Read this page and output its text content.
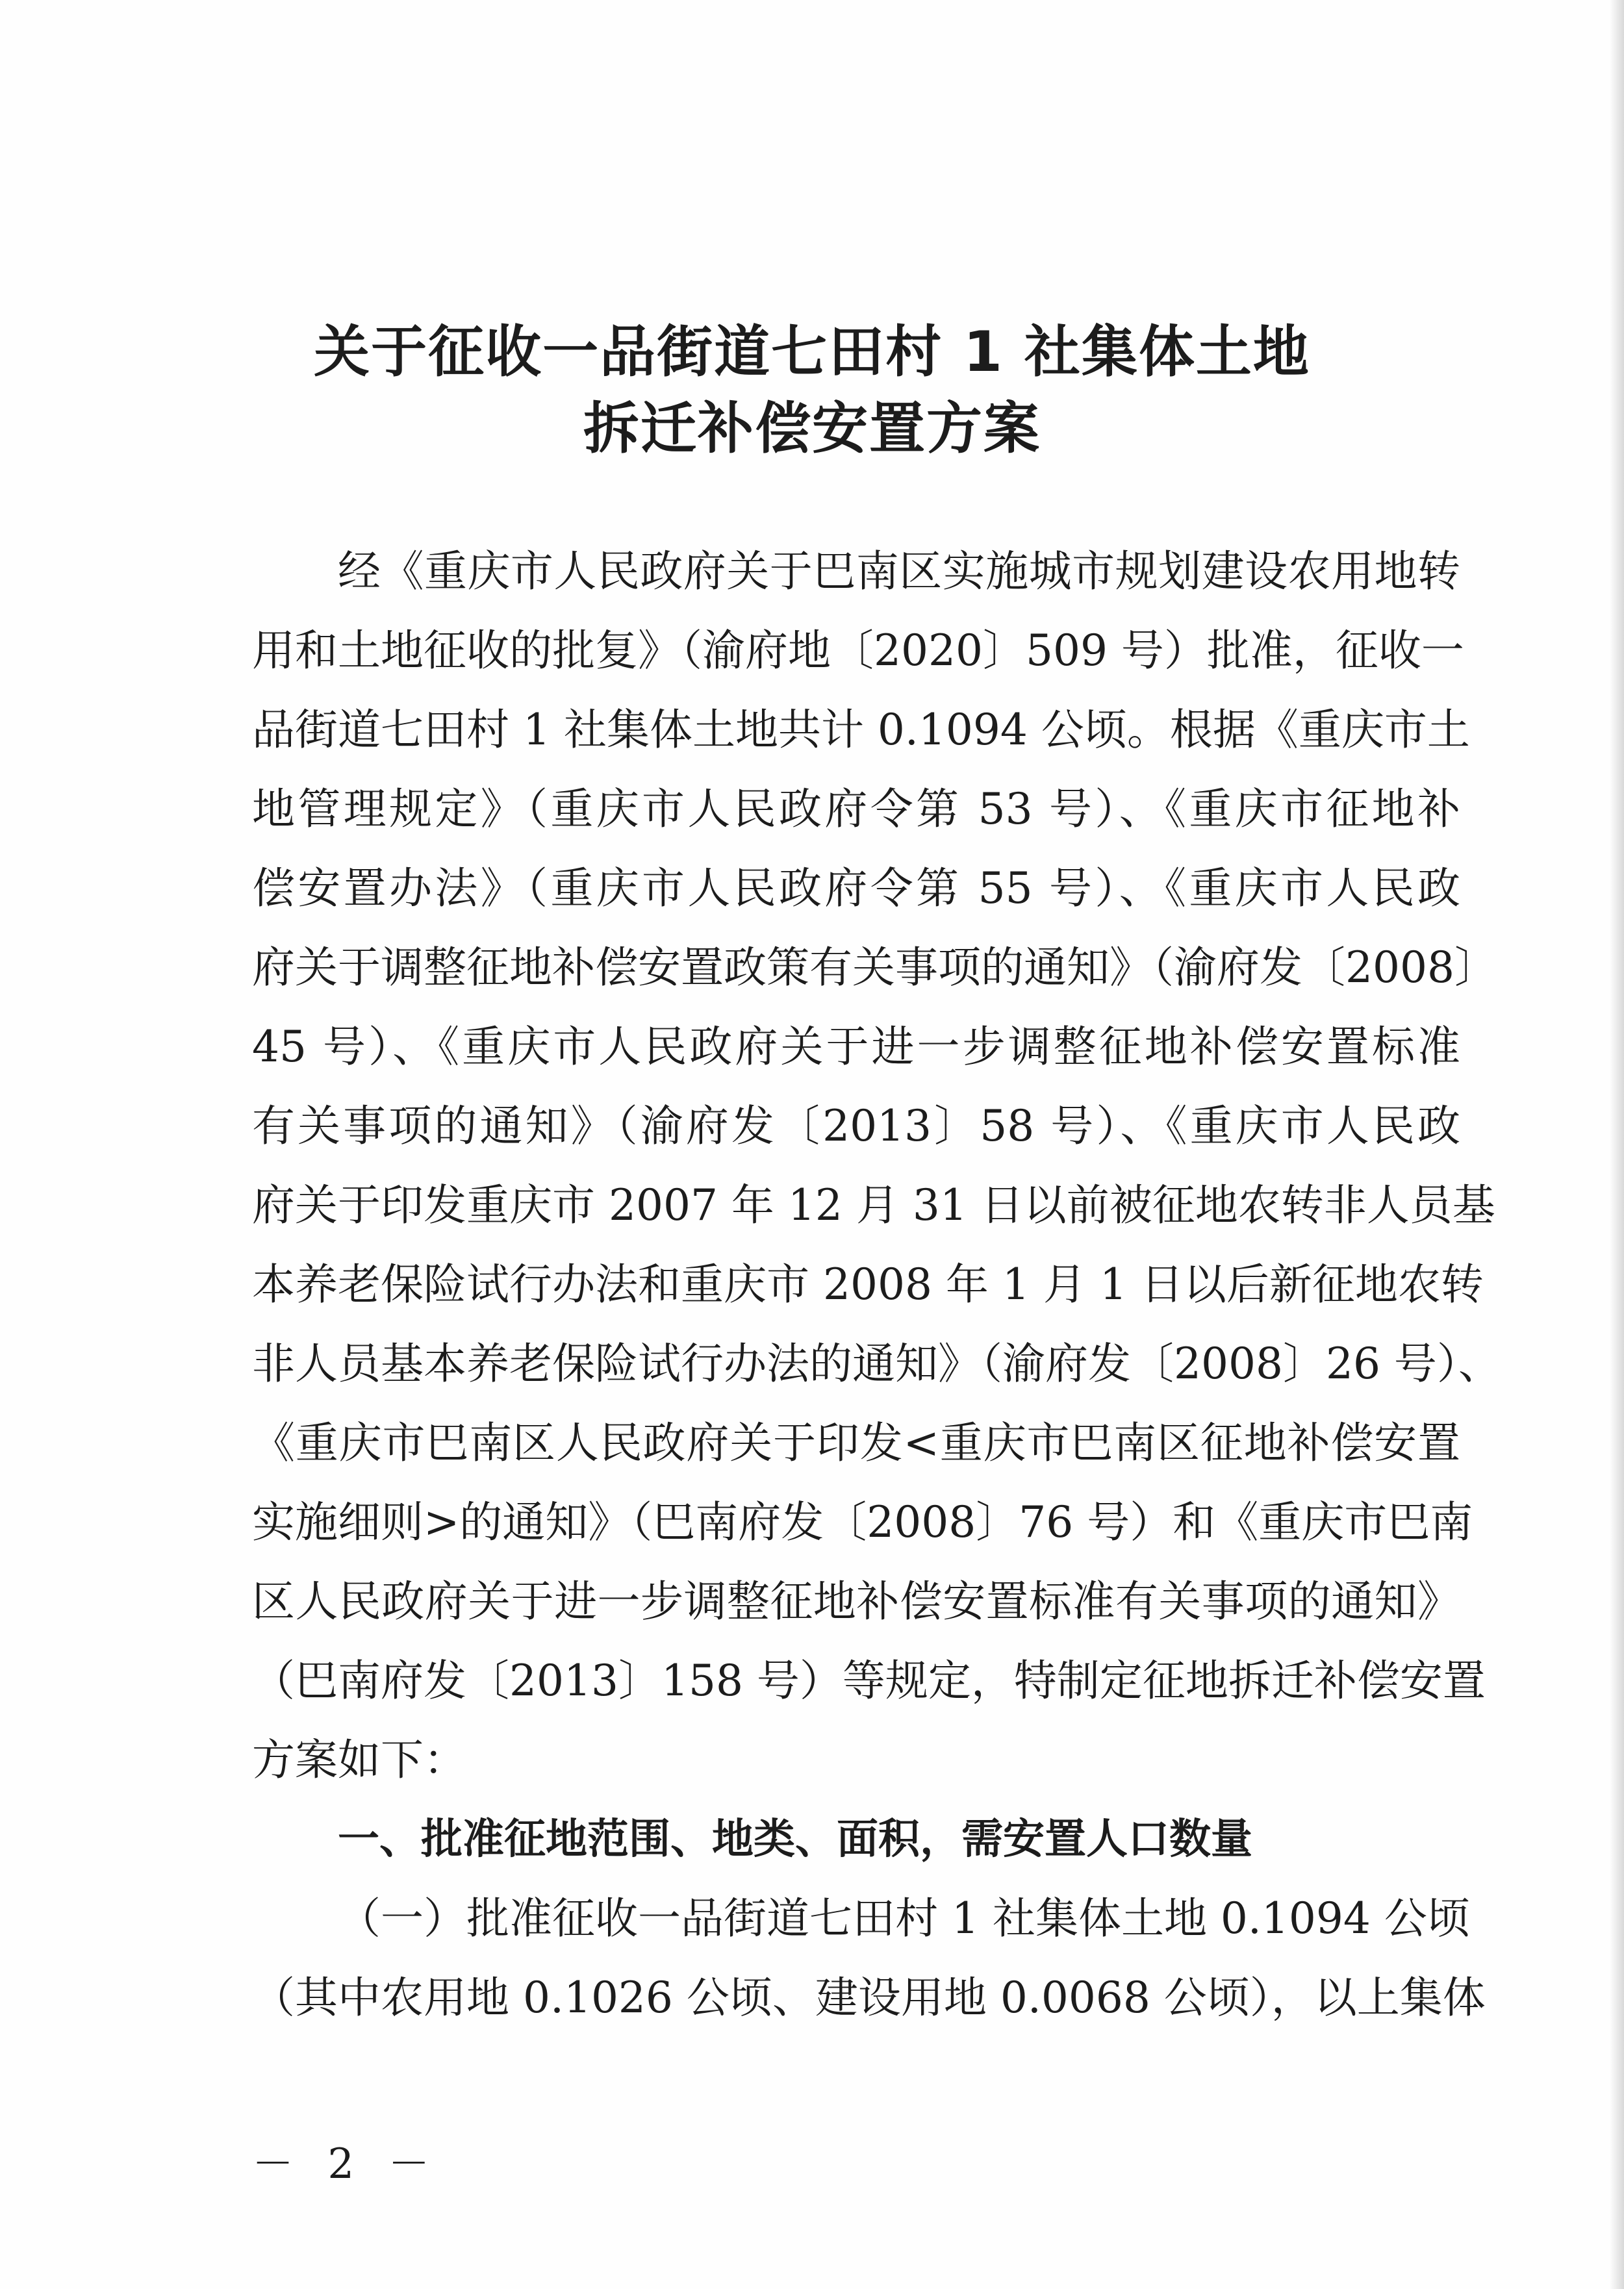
关于征收一品街道七田村 1 社集体土地
拆迁补偿安置方案
经《重庆市人民政府关于巴南区实施城市规划建设农用地转
用和土地征收的批复》（渝府地〔2020〕509 号）批准，征收一
品街道七田村 1 社集体土地共计 0.1094 公顷。根据《重庆市土
地管理规定》（重庆市人民政府令第 53 号）、《重庆市征地补
偿安置办法》（重庆市人民政府令第 55 号）、《重庆市人民政
府关于调整征地补偿安置政策有关事项的通知》（渝府发〔2008〕
45 号）、《重庆市人民政府关于进一步调整征地补偿安置标准
有关事项的通知》（渝府发〔2013〕58 号）、《重庆市人民政
府关于印发重庆市 2007 年 12 月 31 日以前被征地农转非人员基
本养老保险试行办法和重庆市 2008 年 1 月 1 日以后新征地农转
非人员基本养老保险试行办法的通知》（渝府发〔2008〕26 号）、
《重庆市巴南区人民政府关于印发<重庆市巴南区征地补偿安置
实施细则>的通知》（巴南府发〔2008〕76 号）和《重庆市巴南
区人民政府关于进一步调整征地补偿安置标准有关事项的通知》
（巴南府发〔2013〕158 号）等规定，特制定征地拆迁补偿安置
方案如下：
一、批准征地范围、地类、面积，需安置人口数量
（一）批准征收一品街道七田村 1 社集体土地 0.1094 公顷
（其中农用地 0.1026 公顷、建设用地 0.0068 公顷），以上集体
－ 2 －
